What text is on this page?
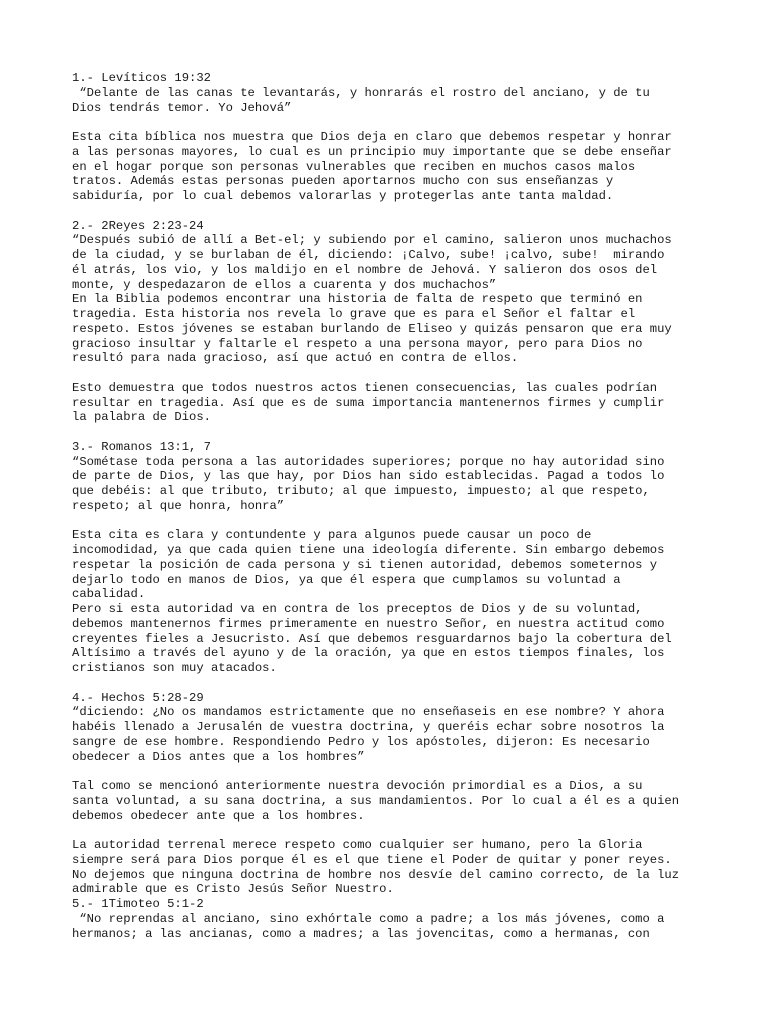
1.- Levíticos 19:32
“Delante de las canas te levantarás, y honrarás el rostro del anciano, y de tu
Dios tendrás temor. Yo Jehová”
Esta cita bíblica nos muestra que Dios deja en claro que debemos respetar y honrar
a las personas mayores, lo cual es un principio muy importante que se debe enseñar
en el hogar porque son personas vulnerables que reciben en muchos casos malos
tratos. Además estas personas pueden aportarnos mucho con sus enseñanzas y
sabiduría, por lo cual debemos valorarlas y protegerlas ante tanta maldad.
2.- 2Reyes 2:23-24
“Después subió de allí a Bet-el; y subiendo por el camino, salieron unos muchachos
de la ciudad, y se burlaban de él, diciendo: ¡Calvo, sube! ¡calvo, sube!  mirando
él atrás, los vio, y los maldijo en el nombre de Jehová. Y salieron dos osos del
monte, y despedazaron de ellos a cuarenta y dos muchachos”
En la Biblia podemos encontrar una historia de falta de respeto que terminó en
tragedia. Esta historia nos revela lo grave que es para el Señor el faltar el
respeto. Estos jóvenes se estaban burlando de Eliseo y quizás pensaron que era muy
gracioso insultar y faltarle el respeto a una persona mayor, pero para Dios no
resultó para nada gracioso, así que actuó en contra de ellos.
Esto demuestra que todos nuestros actos tienen consecuencias, las cuales podrían
resultar en tragedia. Así que es de suma importancia mantenernos firmes y cumplir
la palabra de Dios.
3.- Romanos 13:1, 7
“Sométase toda persona a las autoridades superiores; porque no hay autoridad sino
de parte de Dios, y las que hay, por Dios han sido establecidas. Pagad a todos lo
que debéis: al que tributo, tributo; al que impuesto, impuesto; al que respeto,
respeto; al que honra, honra”
Esta cita es clara y contundente y para algunos puede causar un poco de
incomodidad, ya que cada quien tiene una ideología diferente. Sin embargo debemos
respetar la posición de cada persona y si tienen autoridad, debemos someternos y
dejarlo todo en manos de Dios, ya que él espera que cumplamos su voluntad a
cabalidad.
Pero si esta autoridad va en contra de los preceptos de Dios y de su voluntad,
debemos mantenernos firmes primeramente en nuestro Señor, en nuestra actitud como
creyentes fieles a Jesucristo. Así que debemos resguardarnos bajo la cobertura del
Altísimo a través del ayuno y de la oración, ya que en estos tiempos finales, los
cristianos son muy atacados.
4.- Hechos 5:28-29
“diciendo: ¿No os mandamos estrictamente que no enseñaseis en ese nombre? Y ahora
habéis llenado a Jerusalén de vuestra doctrina, y queréis echar sobre nosotros la
sangre de ese hombre. Respondiendo Pedro y los apóstoles, dijeron: Es necesario
obedecer a Dios antes que a los hombres”
Tal como se mencionó anteriormente nuestra devoción primordial es a Dios, a su
santa voluntad, a su sana doctrina, a sus mandamientos. Por lo cual a él es a quien
debemos obedecer ante que a los hombres.
La autoridad terrenal merece respeto como cualquier ser humano, pero la Gloria
siempre será para Dios porque él es el que tiene el Poder de quitar y poner reyes.
No dejemos que ninguna doctrina de hombre nos desvíe del camino correcto, de la luz
admirable que es Cristo Jesús Señor Nuestro.
5.- 1Timoteo 5:1-2
“No reprendas al anciano, sino exhórtale como a padre; a los más jóvenes, como a
hermanos; a las ancianas, como a madres; a las jovencitas, como a hermanas, con
